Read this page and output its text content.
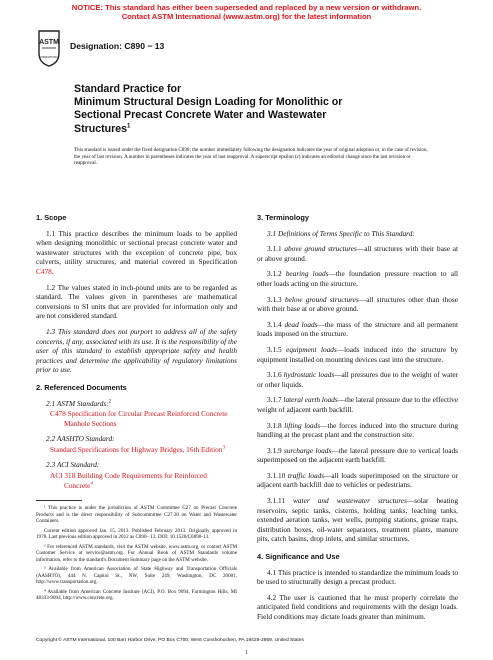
NOTICE: This standard has either been superseded and replaced by a new version or withdrawn.
Contact ASTM International (www.astm.org) for the latest information
ASTM
INTERNATIONAL
Designation: C890 − 13
Standard Practice for
Minimum Structural Design Loading for Monolithic or
Sectional Precast Concrete Water and Wastewater
Structures$^1$
This standard is issued under the fixed designation C890; the number immediately following the designation indicates the year of original adoption or, in the case of revision, the year of last revision. A number in parentheses indicates the year of last reapproval. A superscript epsilon (ε) indicates an editorial change since the last revision or reapproval.
1. Scope
1.1 This practice describes the minimum loads to be applied when designing monolithic or sectional precast concrete water and wastewater structures with the exception of concrete pipe, box culverts, utility structures, and material covered in Specification C478.
1.2 The values stated in inch-pound units are to be regarded as standard. The values given in parentheses are mathematical conversions to SI units that are provided for information only and are not considered standard.
1.3 This standard does not purport to address all of the safety concerns, if any, associated with its use. It is the responsibility of the user of this standard to establish appropriate safety and health practices and determine the applicability of regulatory limitations prior to use.
2. Referenced Documents
2.1 ASTM Standards:$^2$
C478 Specification for Circular Precast Reinforced Concrete Manhole Sections
2.2 AASHTO Standard:
Standard Specifications for Highway Bridges, 16th Edition$^3$
2.3 ACI Standard:
ACI 318 Building Code Requirements for Reinforced Concrete$^4$
¹ This practice is under the jurisdiction of ASTM Committee C27 on Precast Concrete Products and is the direct responsibility of Subcommittee C27.30 on Water and Wastewater Containers.
Current edition approved Jan. 15, 2013. Published February 2013. Originally approved in 1978. Last previous edition approved in 2012 as C890– 12. DOI: 10.1520/C0890-13.
² For referenced ASTM standards, visit the ASTM website, www.astm.org, or contact ASTM Customer Service at service@astm.org. For Annual Book of ASTM Standards volume information, refer to the standard's Document Summary page on the ASTM website.
³ Available from American Association of State Highway and Transportation Officials (AASHTO), 444 N. Capitol St., NW, Suite 249, Washington, DC 20001, http://www.transportation.org.
⁴ Available from American Concrete Institute (ACI), P.O. Box 9094, Farmington Hills, MI 48333-9094, http://www.concrete.org.
3. Terminology
3.1 Definitions of Terms Specific to This Standard:
3.1.1 above ground structures—all structures with their base at or above ground.
3.1.2 bearing loads—the foundation pressure reaction to all other loads acting on the structure.
3.1.3 below ground structures—all structures other than those with their base at or above ground.
3.1.4 dead loads—the mass of the structure and all permanent loads imposed on the structure.
3.1.5 equipment loads—loads induced into the structure by equipment installed on mounting devices cast into the structure.
3.1.6 hydrostatic loads—all pressures due to the weight of water or other liquids.
3.1.7 lateral earth loads—the lateral pressure due to the effective weight of adjacent earth backfill.
3.1.8 lifting loads—the forces induced into the structure during handling at the precast plant and the construction site.
3.1.9 surcharge loads—the lateral pressure due to vertical loads superimposed on the adjacent earth backfill.
3.1.10 traffic loads—all loads superimposed on the structure or adjacent earth backfill due to vehicles or pedestrians.
3.1.11 water and wastewater structures—solar heating reservoirs, septic tanks, cisterns, holding tanks, leaching tanks, extended aeration tanks, wet wells, pumping stations, grease traps, distribution boxes, oil-water separators, treatment plants, manure pits, catch basins, drop inlets, and similar structures.
4. Significance and Use
4.1 This practice is intended to standardize the minimum loads to be used to structurally design a precast product.
4.2 The user is cautioned that he must properly correlate the anticipated field conditions and requirements with the design loads. Field conditions may dictate loads greater than minimum.
Copyright © ASTM International, 100 Barr Harbor Drive, PO Box C700, West Conshohocken, PA 19428-2959. United States
1
